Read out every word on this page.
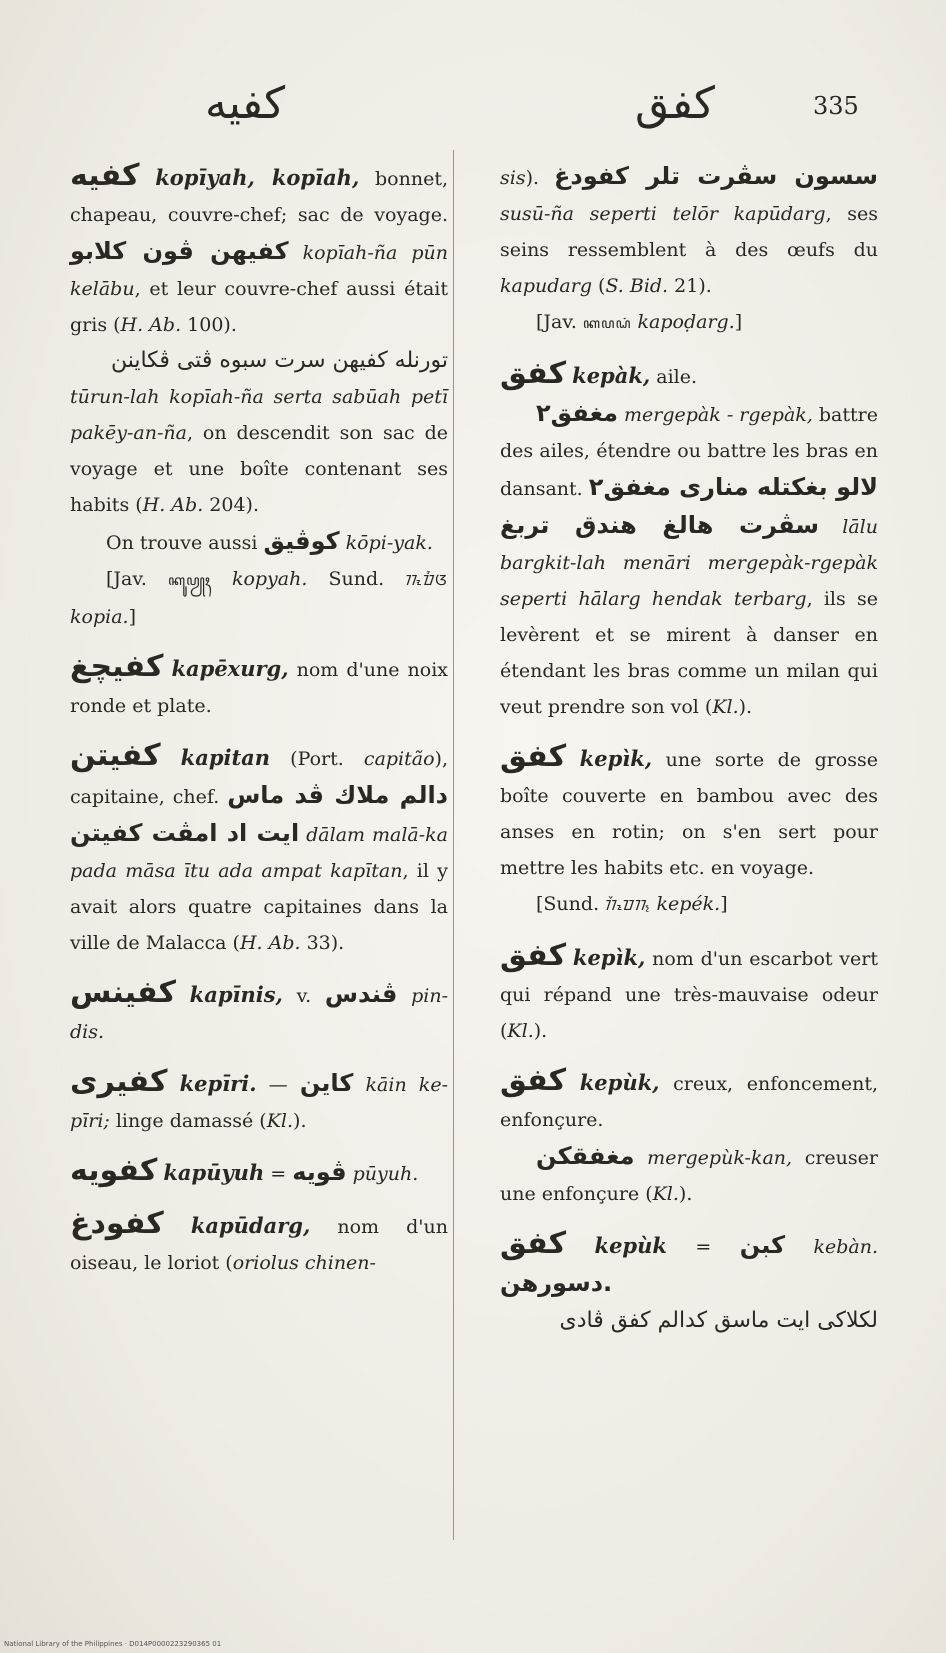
كفيه	كفق	335
كفيه kopīyah, kopīah, bonnet, chapeau, couvre-chef; sac de voyage. كفيهن ڤون كلابو kopīah-ña pūn kelābu, et leur couvre-chef aussi était gris (H. Ab. 100).
تورنله كفيهن سرت سبوه ڤتى ڤكاينن
tūrun-lah kopīah-ña serta sabūah petī pakēy-an-ña, on descendit son sac de voyage et une boîte contenant ses habits (H. Ab. 204).
On trouve aussi كوڤيق kōpi-yak.
[Jav. ꦏꦸꦥꦾꦃ kopyah. Sund. ᮊᮧᮕᮤᮃ kopia.]
كفيچغ kapēxurg, nom d'une noix ronde et plate.
كفيتن kapitan (Port. capitão), capitaine, chef. دالم ملاك ڤد ماس ايت اد امڤت كفيتن dālam malā-ka pada māsa ītu ada ampat kapītan, il y avait alors quatre capitaines dans la ville de Malacca (H. Ab. 33).
كفينس kapīnis, v. ڤندس pin-dis.
كفيرى kepīri. — كاين kāin ke-pīri; linge damassé (Kl.).
كفويه kapūyuh = ڤويه pūyuh.
كفودغ kapūdarg, nom d'un oiseau, le loriot (oriolus chinen-
sis). سسون سڤرت تلر كفودغ susū-ña seperti telōr kapūdarg, ses seins ressemblent à des œufs du kapudarg (S. Bid. 21).
[Jav. ꦏꦥꦝꦁ kapoḍarg.]
كفق kepàk, aile.
مغفق٢ mergepàk - rgepàk, battre des ailes, étendre ou battre les bras en dansant. لالو بغكتله منارى مغفق٢ سڤرت هالغ هندق تربغ lālu bargkit-lah menāri mergepàk-rgepàk seperti hālarg hendak terbarg, ils se levèrent et se mirent à danser en étendant les bras comme un milan qui veut prendre son vol (Kl.).
كفق kepìk, une sorte de grosse boîte couverte en bambou avec des anses en rotin; on s'en sert pour mettre les habits etc. en voyage.
[Sund. ᮊᮨᮕᮦᮊ᮪ kepék.]
كفق kepìk, nom d'un escarbot vert qui répand une très-mauvaise odeur (Kl.).
كفق kepùk, creux, enfoncement, enfonçure.
مغفقكن mergepùk-kan, creuser une enfonçure (Kl.).
كفق kepùk = كبن kebàn. دسورهن.
لكلاكى ايت ماسق كدالم كفق ڤادى
National Library of the Philippines · D014P0000223290365 01
